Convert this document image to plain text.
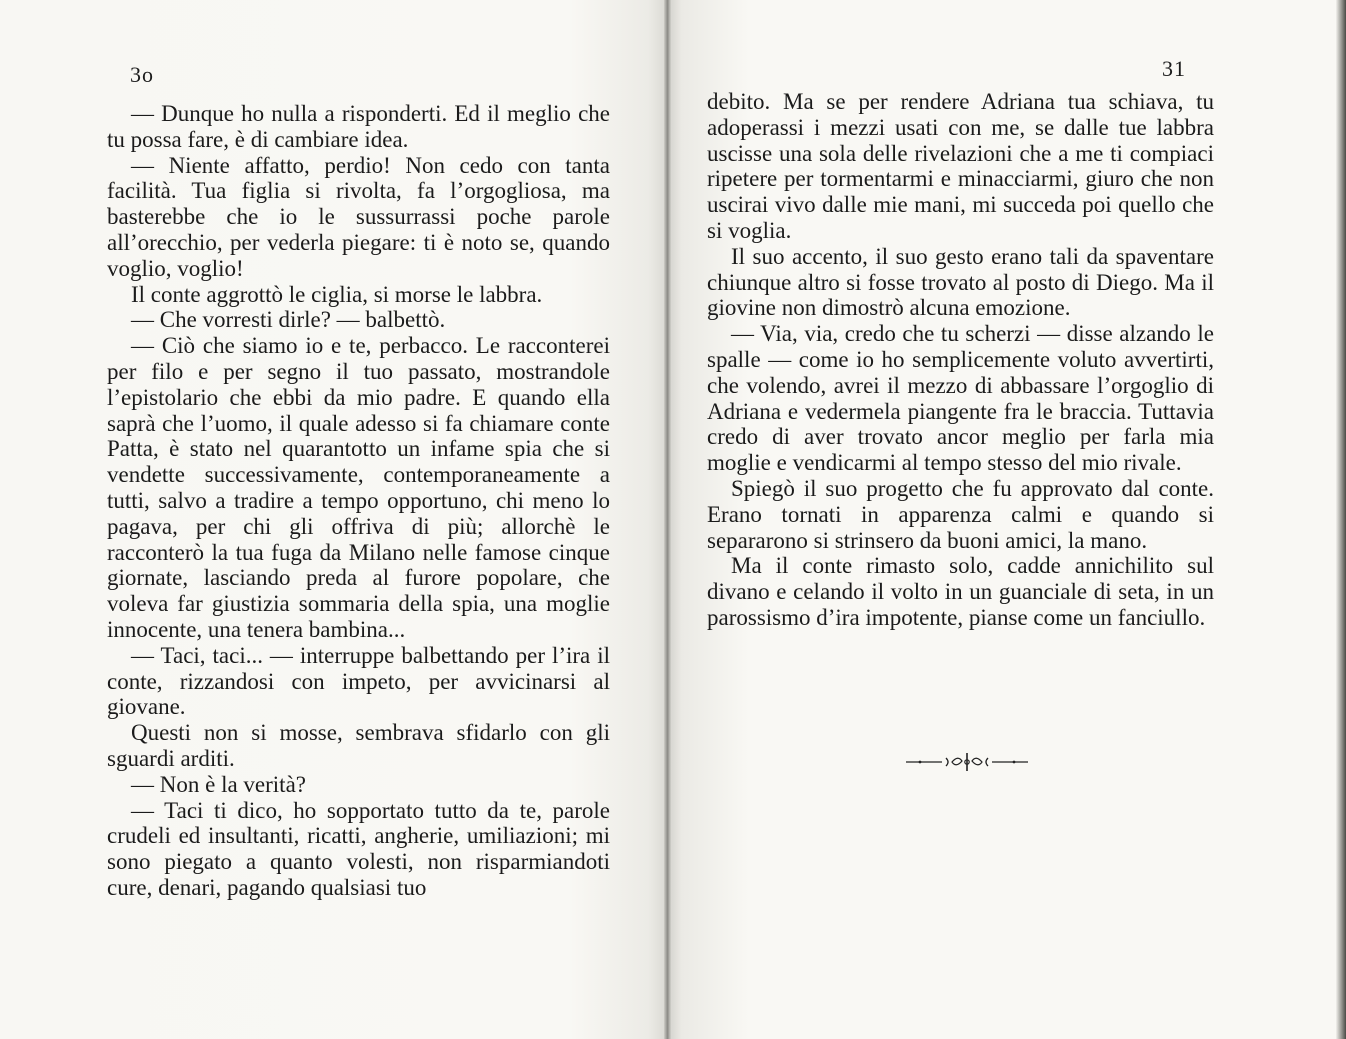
3o

— Dunque ho nulla a risponderti. Ed il meglio che tu possa fare, è di cambiare idea.

— Niente affatto, perdio! Non cedo con tanta facilità. Tua figlia si rivolta, fa l’orgogliosa, ma basterebbe che io le sussurrassi poche parole all’orecchio, per vederla piegare: ti è noto se, quando voglio, voglio!

Il conte aggrottò le ciglia, si morse le labbra.

— Che vorresti dirle? — balbettò.

— Ciò che siamo io e te, perbacco. Le racconterei per filo e per segno il tuo passato, mostrandole l’epistolario che ebbi da mio padre. E quando ella saprà che l’uomo, il quale adesso si fa chiamare conte Patta, è stato nel quarantotto un infame spia che si vendette successivamente, contemporaneamente a tutti, salvo a tradire a tempo opportuno, chi meno lo pagava, per chi gli offriva di più; allorchè le racconterò la tua fuga da Milano nelle famose cinque giornate, lasciando preda al furore popolare, che voleva far giustizia sommaria della spia, una moglie innocente, una tenera bambina...

— Taci, taci... — interruppe balbettando per l’ira il conte, rizzandosi con impeto, per avvicinarsi al giovane.

Questi non si mosse, sembrava sfidarlo con gli sguardi arditi.

— Non è la verità?

— Taci ti dico, ho sopportato tutto da te, parole crudeli ed insultanti, ricatti, angherie, umiliazioni; mi sono piegato a quanto volesti, non risparmiandoti cure, denari, pagando qualsiasi tuo

31

debito. Ma se per rendere Adriana tua schiava, tu adoperassi i mezzi usati con me, se dalle tue labbra uscisse una sola delle rivelazioni che a me ti compiaci ripetere per tormentarmi e minacciarmi, giuro che non uscirai vivo dalle mie mani, mi succeda poi quello che si voglia.

Il suo accento, il suo gesto erano tali da spaventare chiunque altro si fosse trovato al posto di Diego. Ma il giovine non dimostrò alcuna emozione.

— Via, via, credo che tu scherzi — disse alzando le spalle — come io ho semplicemente voluto avvertirti, che volendo, avrei il mezzo di abbassare l’orgoglio di Adriana e vedermela piangente fra le braccia. Tuttavia credo di aver trovato ancor meglio per farla mia moglie e vendicarmi al tempo stesso del mio rivale.

Spiegò il suo progetto che fu approvato dal conte. Erano tornati in apparenza calmi e quando si separarono si strinsero da buoni amici, la mano.

Ma il conte rimasto solo, cadde annichilito sul divano e celando il volto in un guanciale di seta, in un parossismo d’ira impotente, pianse come un fanciullo.
